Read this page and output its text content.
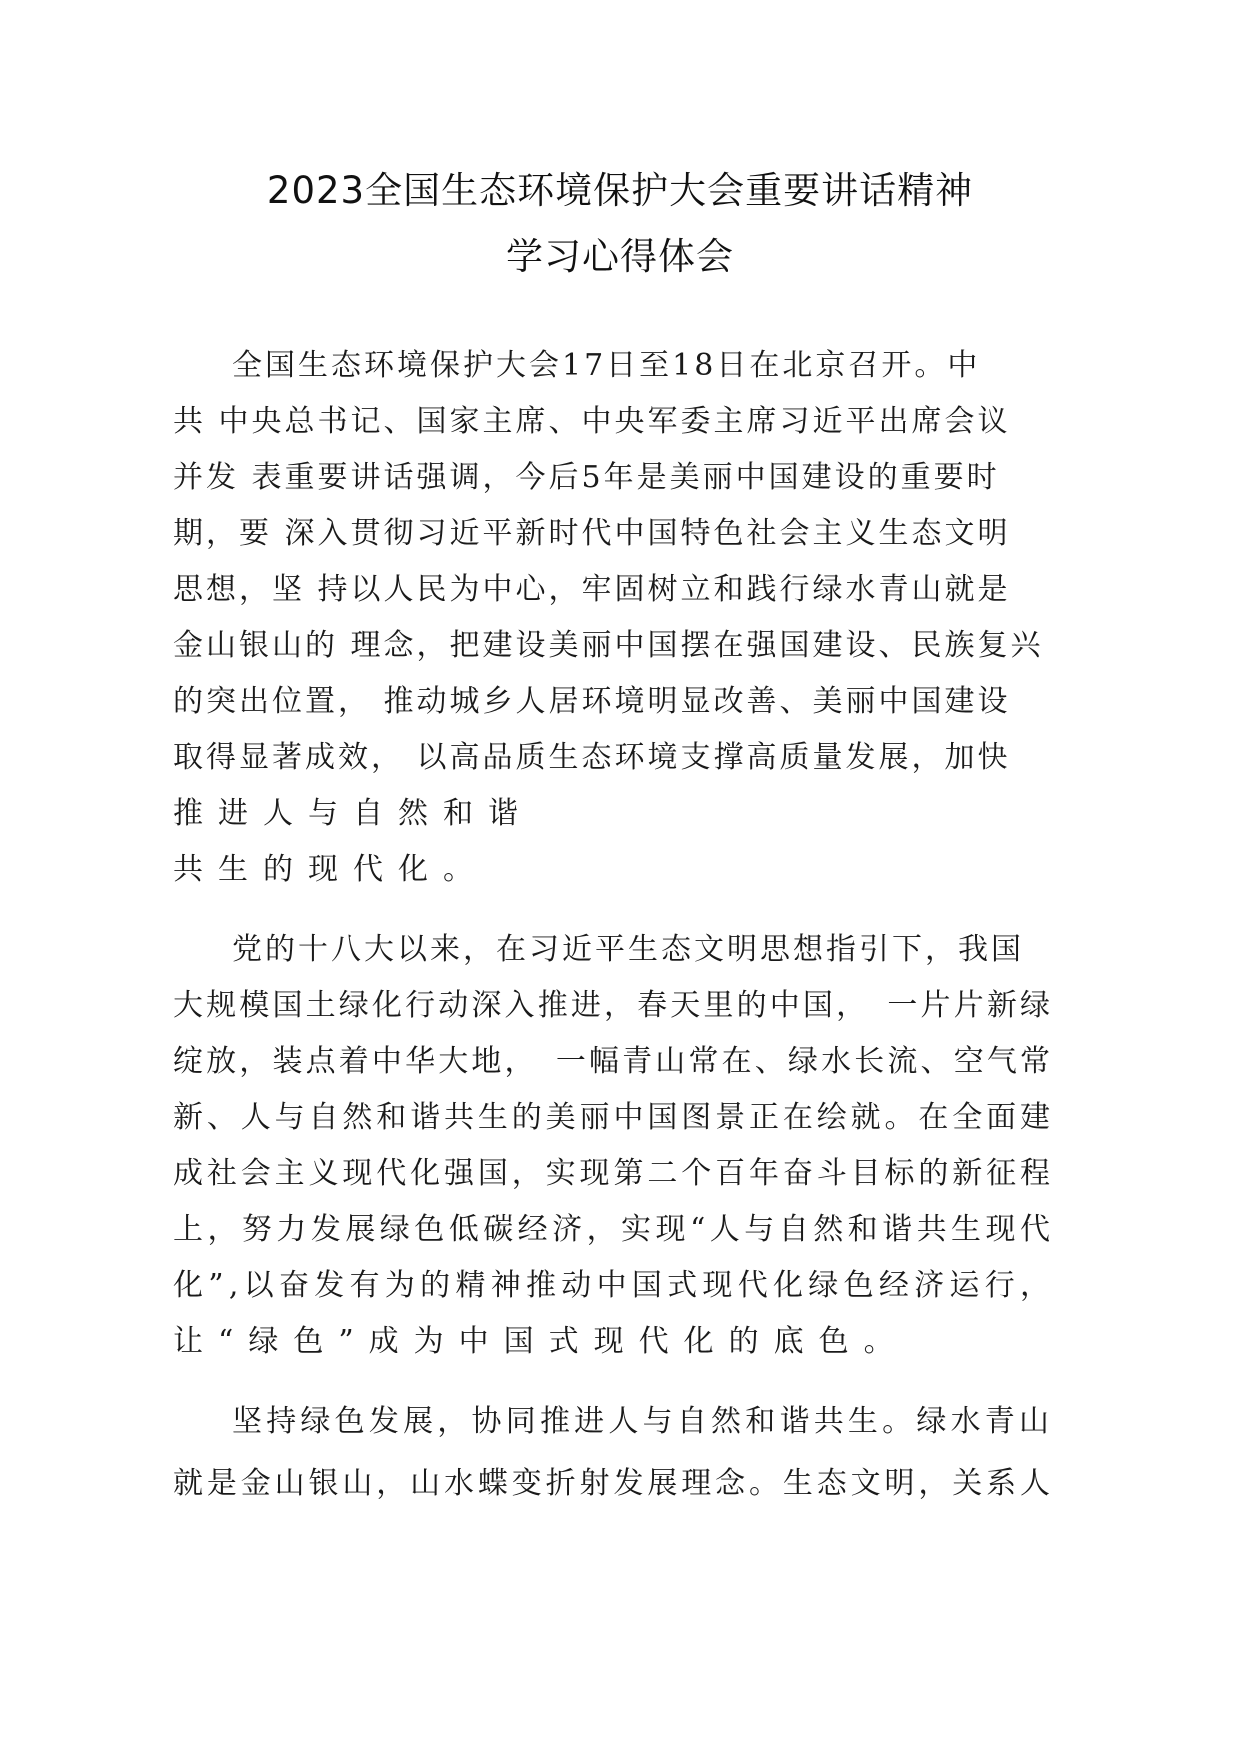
2023全国生态环境保护大会重要讲话精神
学习心得体会
全国生态环境保护大会17日至18日在北京召开。中
共 中央总书记、国家主席、中央军委主席习近平出席会议
并发 表重要讲话强调，今后5年是美丽中国建设的重要时
期，要 深入贯彻习近平新时代中国特色社会主义生态文明
思想，坚 持以人民为中心，牢固树立和践行绿水青山就是
金山银山的 理念，把建设美丽中国摆在强国建设、民族复兴
的突出位置， 推动城乡人居环境明显改善、美丽中国建设
取得显著成效， 以高品质生态环境支撑高质量发展，加快
推进人与自然和谐
共生的现代化。
党的十八大以来，在习近平生态文明思想指引下，我国
大规模国土绿化行动深入推进，春天里的中国，　一片片新绿
绽放，装点着中华大地，　一幅青山常在、绿水长流、空气常
新、人与自然和谐共生的美丽中国图景正在绘就。在全面建
成社会主义现代化强国，实现第二个百年奋斗目标的新征程
上，努力发展绿色低碳经济，实现“人与自然和谐共生现代
化”,以奋发有为的精神推动中国式现代化绿色经济运行，
让“绿色”成为中国式现代化的底色。
坚持绿色发展，协同推进人与自然和谐共生。绿水青山
就是金山银山，山水蝶变折射发展理念。生态文明，关系人
